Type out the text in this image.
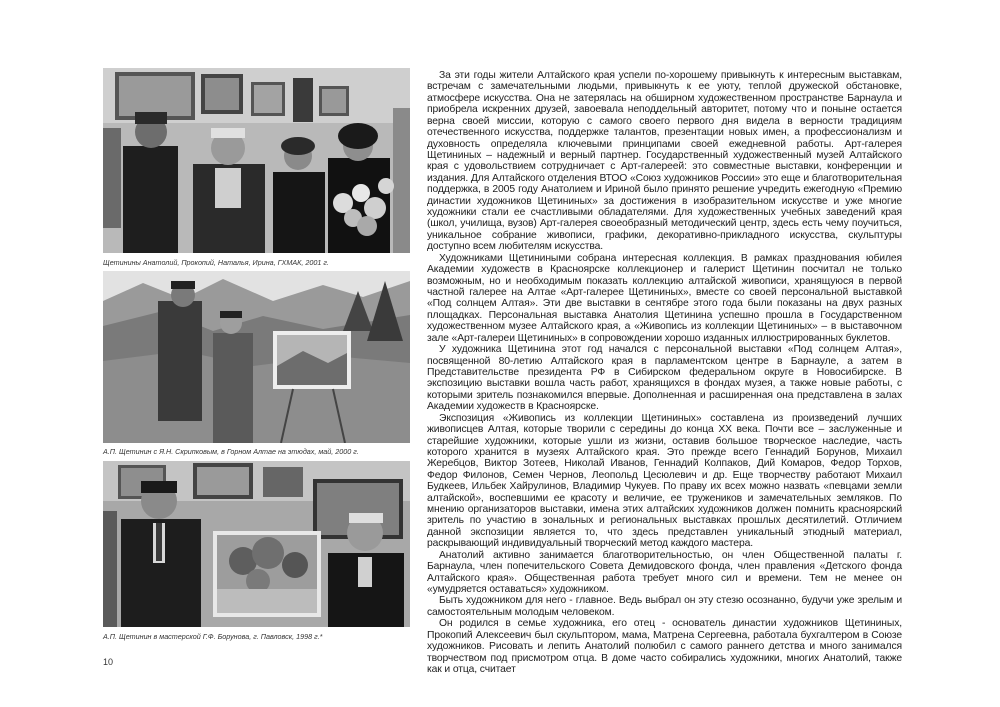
Щетинины Анатолий, Прокопий, Наталья, Ирина, ГХМАК, 2001 г.
А.П. Щетинин с Я.Н. Скрипковым, в Горном Алтае на этюдах, май, 2000 г.
А.П. Щетинин в мастерской Г.Ф. Борунова, г. Павловск, 1998 г.*
10

За эти годы жители Алтайского края успели по-хорошему привыкнуть к интересным выставкам, встречам с замечательными людьми, привыкнуть к ее уюту, теплой дружеской обстановке, атмосфере искусства. Она не затерялась на обширном художественном пространстве Барнаула и приобрела искренних друзей, завоевала неподдельный авторитет, потому что и поныне остается верна своей миссии, которую с самого своего первого дня видела в верности традициям отечественного искусства, поддержке талантов, презентации новых имен, а профессионализм и духовность определяла ключевыми принципами своей ежедневной работы. Арт-галерея Щетининых – надежный и верный партнер. Государственный художественный музей Алтайского края с удовольствием сотрудничает с Арт-галереей: это совместные выставки, конференции и издания. Для Алтайского отделения ВТОО «Союз художников России» это еще и благотворительная поддержка, в 2005 году Анатолием и Ириной было принято решение учредить ежегодную «Премию династии художников Щетининых» за достижения в изобразительном искусстве и уже многие художники стали ее счастливыми обладателями. Для художественных учебных заведений края (школ, училища, вузов) Арт-галерея своеобразный методический центр, здесь есть чему поучиться, уникальное собрание живописи, графики, декоративно-прикладного искусства, скульптуры доступно всем любителям искусства.

Художниками Щетиниными собрана интересная коллекция. В рамках празднования юбилея Академии художеств в Красноярске коллекционер и галерист Щетинин посчитал не только возможным, но и необходимым показать коллекцию алтайской живописи, хранящуюся в первой частной галерее на Алтае «Арт-галерее Щетининых», вместе со своей персональной выставкой «Под солнцем Алтая». Эти две выставки в сентябре этого года были показаны на двух разных площадках. Персональная выставка Анатолия Щетинина успешно прошла в Государственном художественном музее Алтайского края, а «Живопись из коллекции Щетининых» – в выставочном зале «Арт-галереи Щетининых» в сопровождении хорошо изданных иллюстрированных буклетов.

У художника Щетинина этот год начался с персональной выставки «Под солнцем Алтая», посвященной 80-летию Алтайского края в парламентском центре в Барнауле, а затем в Представительстве президента РФ в Сибирском федеральном округе в Новосибирске. В экспозицию выставки вошла часть работ, хранящихся в фондах музея, а также новые работы, с которыми зритель познакомился впервые. Дополненная и расширенная она представлена в залах Академии художеств в Красноярске.

Экспозиция «Живопись из коллекции Щетининых» составлена из произведений лучших живописцев Алтая, которые творили с середины до конца XX века. Почти все – заслуженные и старейшие художники, которые ушли из жизни, оставив большое творческое наследие, часть которого хранится в музеях Алтайского края. Это прежде всего Геннадий Борунов, Михаил Жеребцов, Виктор Зотеев, Николай Иванов, Геннадий Колпаков, Дий Комаров, Федор Торхов, Федор Филонов, Семен Чернов, Леопольд Цесюлевич и др. Еще творчеству работают Михаил Будкеев, Ильбек Хайрулинов, Владимир Чукуев. По праву их всех можно назвать «певцами земли алтайской», воспевшими ее красоту и величие, ее тружеников и замечательных земляков. По мнению организаторов выставки, имена этих алтайских художников должен помнить красноярский зритель по участию в зональных и региональных выставках прошлых десятилетий. Отличием данной экспозиции является то, что здесь представлен уникальный этюдный материал, раскрывающий индивидуальный творческий метод каждого мастера.

Анатолий активно занимается благотворительностью, он член Общественной палаты г. Барнаула, член попечительского Совета Демидовского фонда, член правления «Детского фонда Алтайского края». Общественная работа требует много сил и времени. Тем не менее он «умудряется оставаться» художником.

Быть художником для него - главное. Ведь выбрал он эту стезю осознанно, будучи уже зрелым и самостоятельным молодым человеком.

Он родился в семье художника, его отец - основатель династии художников Щетининых, Прокопий Алексеевич был скульптором, мама, Матрена Сергеевна, работала бухгалтером в Союзе художников. Рисовать и лепить Анатолий полюбил с самого раннего детства и много занимался творчеством под присмотром отца. В доме часто собирались художники, многих Анатолий, также как и отца, считает
